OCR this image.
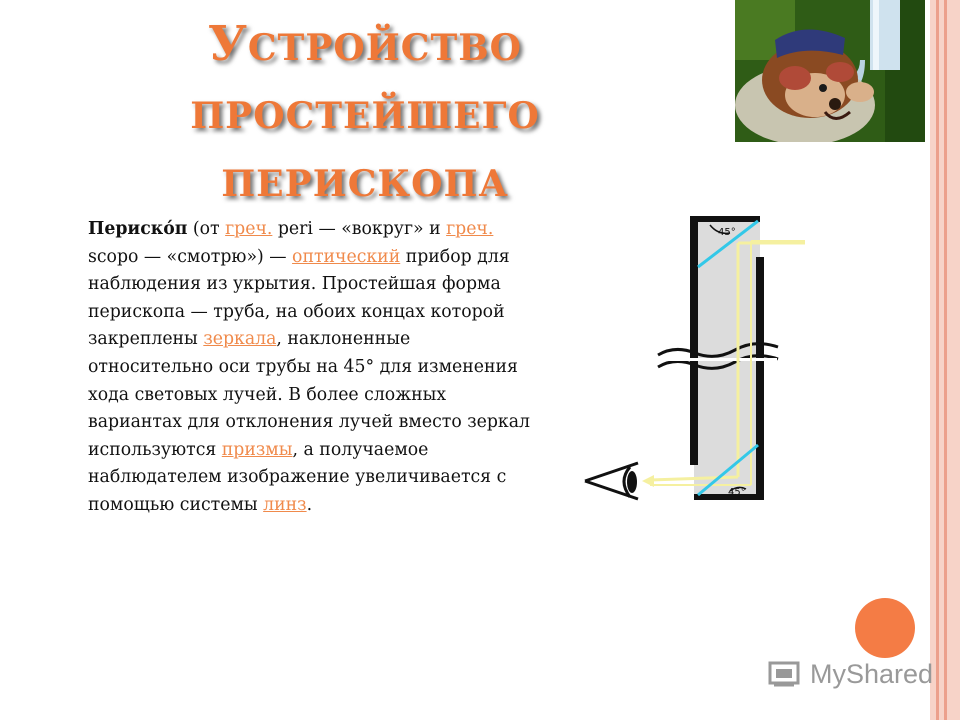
УСТРОЙСТВО
ПРОСТЕЙШЕГО
ПЕРИСКОПА
Периско́п (от греч. peri — «вокруг» и греч. scopo — «смотрю») — оптический прибор для наблюдения из укрытия. Простейшая форма перископа — труба, на обоих концах которой закреплены зеркала, наклоненные относительно оси трубы на 45° для изменения хода световых лучей. В более сложных вариантах для отклонения лучей вместо зеркал используются призмы, а получаемое наблюдателем изображение увеличивается с помощью системы линз.
45°
45°
MyShared
